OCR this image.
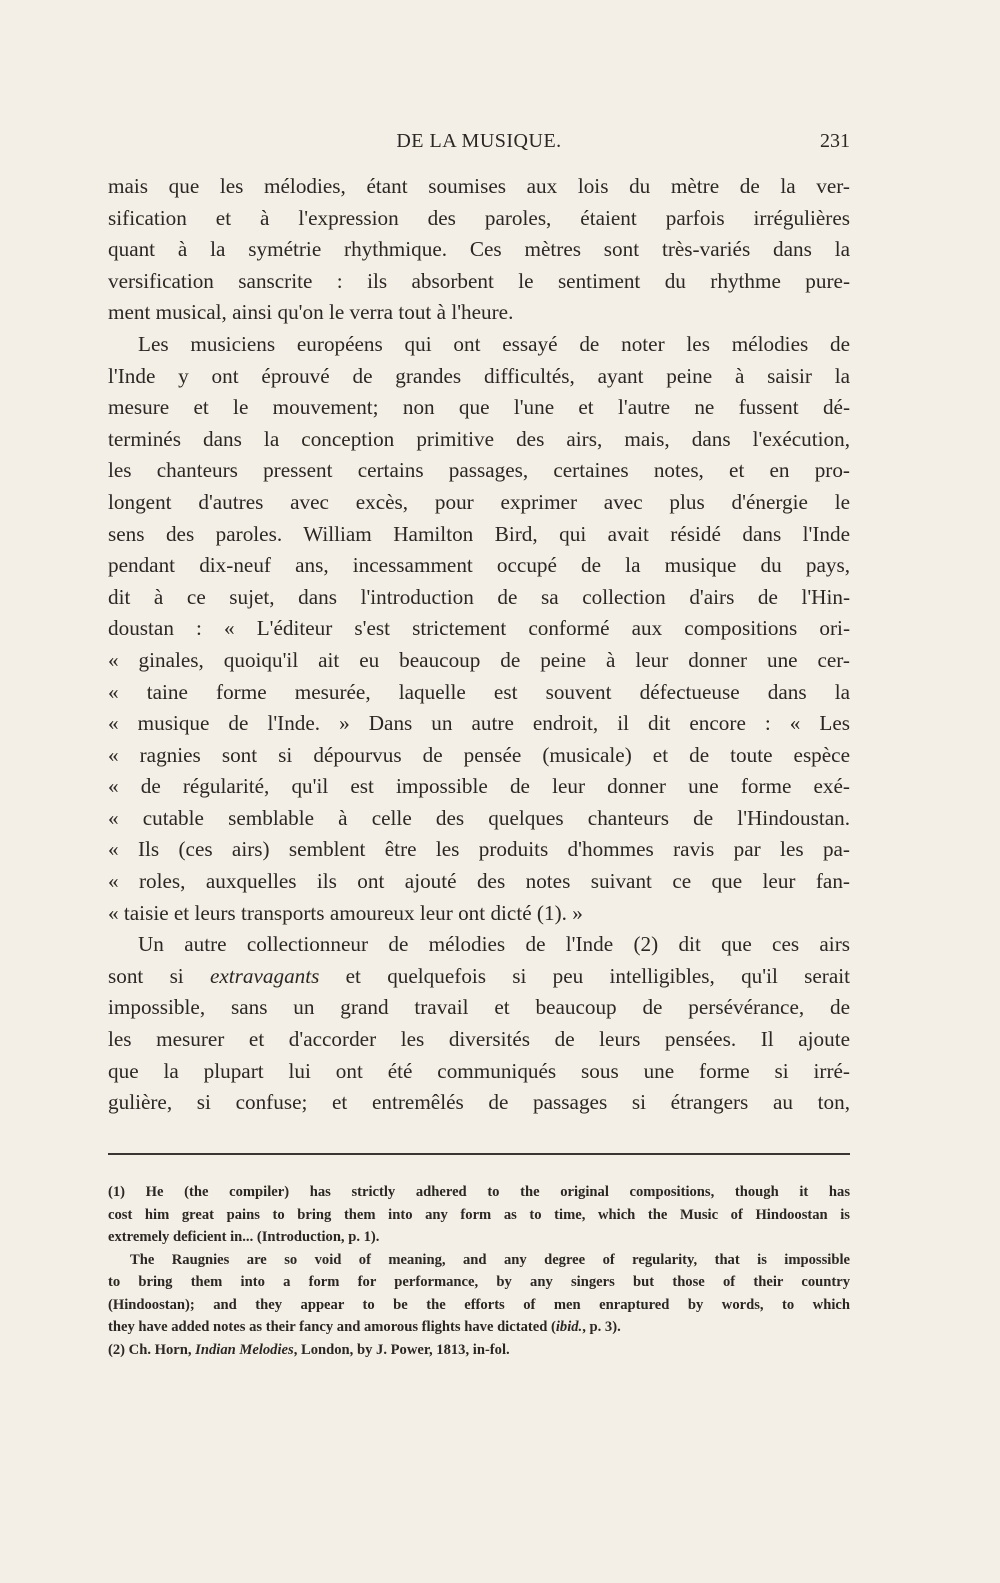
DE LA MUSIQUE.	231
mais que les mélodies, étant soumises aux lois du mètre de la ver-
sification et à l'expression des paroles, étaient parfois irrégulières
quant à la symétrie rhythmique. Ces mètres sont très-variés dans la
versification sanscrite : ils absorbent le sentiment du rhythme pure-
ment musical, ainsi qu'on le verra tout à l'heure.
Les musiciens européens qui ont essayé de noter les mélodies de
l'Inde y ont éprouvé de grandes difficultés, ayant peine à saisir la
mesure et le mouvement; non que l'une et l'autre ne fussent dé-
terminés dans la conception primitive des airs, mais, dans l'exécution,
les chanteurs pressent certains passages, certaines notes, et en pro-
longent d'autres avec excès, pour exprimer avec plus d'énergie le
sens des paroles. William Hamilton Bird, qui avait résidé dans l'Inde
pendant dix-neuf ans, incessamment occupé de la musique du pays,
dit à ce sujet, dans l'introduction de sa collection d'airs de l'Hin-
doustan : « L'éditeur s'est strictement conformé aux compositions ori-
« ginales, quoiqu'il ait eu beaucoup de peine à leur donner une cer-
« taine forme mesurée, laquelle est souvent défectueuse dans la
« musique de l'Inde. » Dans un autre endroit, il dit encore : « Les
« ragnies sont si dépourvus de pensée (musicale) et de toute espèce
« de régularité, qu'il est impossible de leur donner une forme exé-
« cutable semblable à celle des quelques chanteurs de l'Hindoustan.
« Ils (ces airs) semblent être les produits d'hommes ravis par les pa-
« roles, auxquelles ils ont ajouté des notes suivant ce que leur fan-
« taisie et leurs transports amoureux leur ont dicté (1). »
Un autre collectionneur de mélodies de l'Inde (2) dit que ces airs
sont si extravagants et quelquefois si peu intelligibles, qu'il serait
impossible, sans un grand travail et beaucoup de persévérance, de
les mesurer et d'accorder les diversités de leurs pensées. Il ajoute
que la plupart lui ont été communiqués sous une forme si irré-
gulière, si confuse; et entremêlés de passages si étrangers au ton,
(1) He (the compiler) has strictly adhered to the original compositions, though it has
cost him great pains to bring them into any form as to time, which the Music of Hindoostan is
extremely deficient in... (Introduction, p. 1).
The Raugnies are so void of meaning, and any degree of regularity, that is impossible
to bring them into a form for performance, by any singers but those of their country
(Hindoostan); and they appear to be the efforts of men enraptured by words, to which
they have added notes as their fancy and amorous flights have dictated (ibid., p. 3).
(2) Ch. Horn, Indian Melodies, London, by J. Power, 1813, in-fol.
